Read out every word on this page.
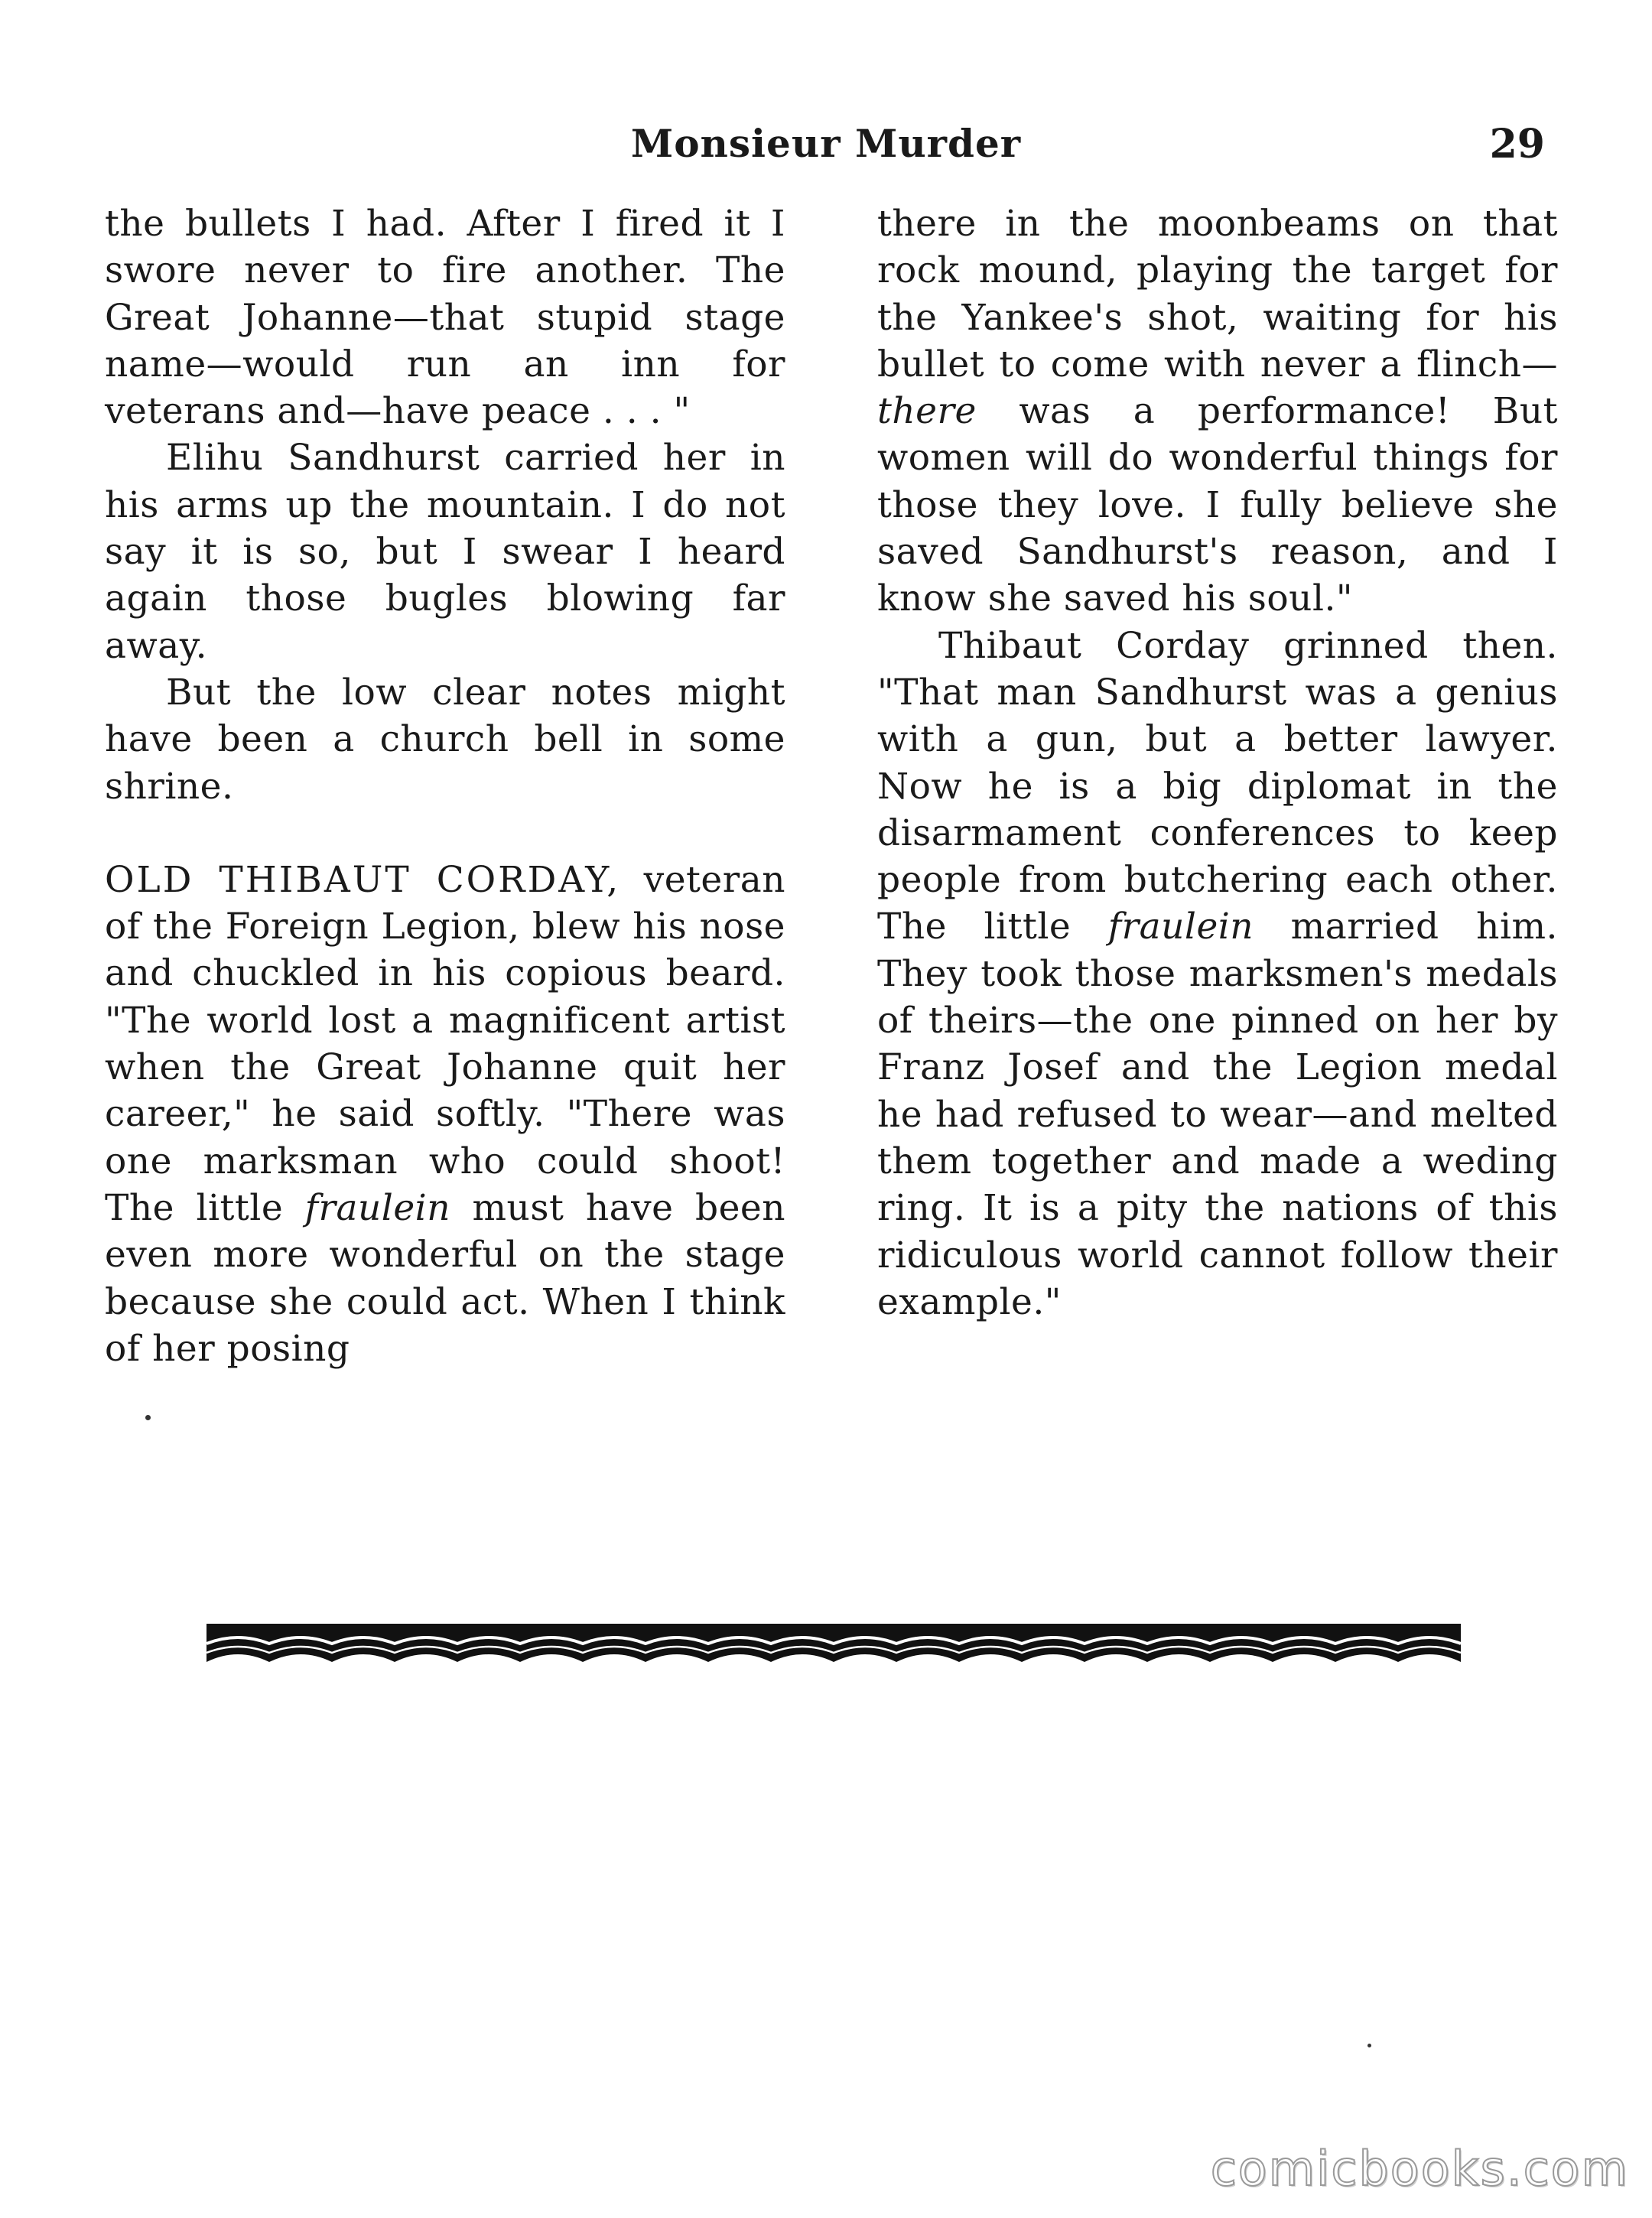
Monsieur Murder	29

the bullets I had. After I fired it I swore never to fire another. The Great Johanne—that stupid stage name—would run an inn for veterans and—have peace . . . "

Elihu Sandhurst carried her in his arms up the mountain. I do not say it is so, but I swear I heard again those bugles blowing far away.

But the low clear notes might have been a church bell in some shrine.

OLD THIBAUT CORDAY, veteran of the Foreign Legion, blew his nose and chuckled in his copious beard. "The world lost a magnificent artist when the Great Johanne quit her career," he said softly. "There was one marksman who could shoot! The little fraulein must have been even more wonderful on the stage because she could act. When I think of her posing

there in the moonbeams on that rock mound, playing the target for the Yankee's shot, waiting for his bullet to come with never a flinch—there was a performance! But women will do wonderful things for those they love. I fully believe she saved Sandhurst's reason, and I know she saved his soul."

Thibaut Corday grinned then. "That man Sandhurst was a genius with a gun, but a better lawyer. Now he is a big diplomat in the disarmament conferences to keep people from butchering each other. The little fraulein married him. They took those marksmen's medals of theirs—the one pinned on her by Franz Josef and the Legion medal he had refused to wear—and melted them together and made a weding ring. It is a pity the nations of this ridiculous world cannot follow their example."

comicbooks.com
